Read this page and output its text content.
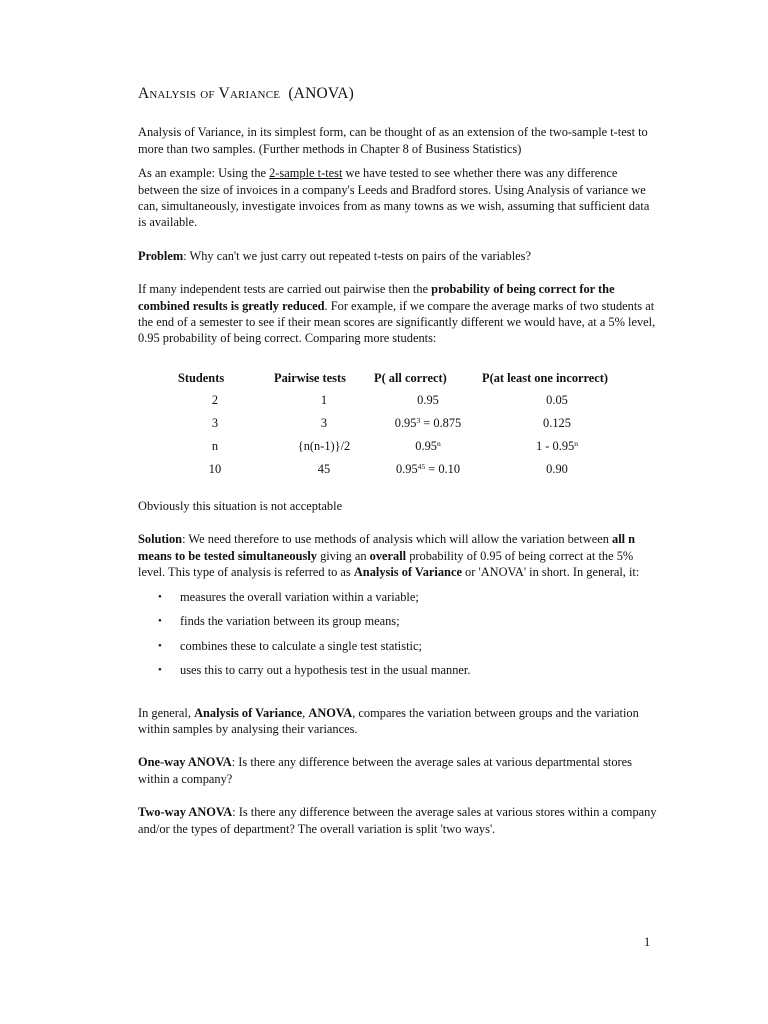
Analysis of Variance (ANOVA)

Analysis of Variance, in its simplest form, can be thought of as an extension of the two-sample t-test to more than two samples. (Further methods in Chapter 8 of Business Statistics)

As an example: Using the 2-sample t-test we have tested to see whether there was any difference between the size of invoices in a company's Leeds and Bradford stores. Using Analysis of variance we can, simultaneously, investigate invoices from as many towns as we wish, assuming that sufficient data is available.

Problem: Why can't we just carry out repeated t-tests on pairs of the variables?

If many independent tests are carried out pairwise then the probability of being correct for the combined results is greatly reduced. For example, if we compare the average marks of two students at the end of a semester to see if their mean scores are significantly different we would have, at a 5% level, 0.95 probability of being correct. Comparing more students:

Students	Pairwise tests	P( all correct)	P(at least one incorrect)
2	1	0.95	0.05
3	3	$0.95^3 = 0.875$	0.125
n	{n(n-1)}/2	0.95$^n$	1 - 0.95$^n$
10	45	$0.95^{45} = 0.10$	0.90

Obviously this situation is not acceptable

Solution: We need therefore to use methods of analysis which will allow the variation between all n means to be tested simultaneously giving an overall probability of 0.95 of being correct at the 5% level. This type of analysis is referred to as Analysis of Variance or 'ANOVA' in short. In general, it:

• measures the overall variation within a variable;
• finds the variation between its group means;
• combines these to calculate a single test statistic;
• uses this to carry out a hypothesis test in the usual manner.

In general, Analysis of Variance, ANOVA, compares the variation between groups and the variation within samples by analysing their variances.

One-way ANOVA: Is there any difference between the average sales at various departmental stores within a company?

Two-way ANOVA: Is there any difference between the average sales at various stores within a company and/or the types of department? The overall variation is split 'two ways'.

1
